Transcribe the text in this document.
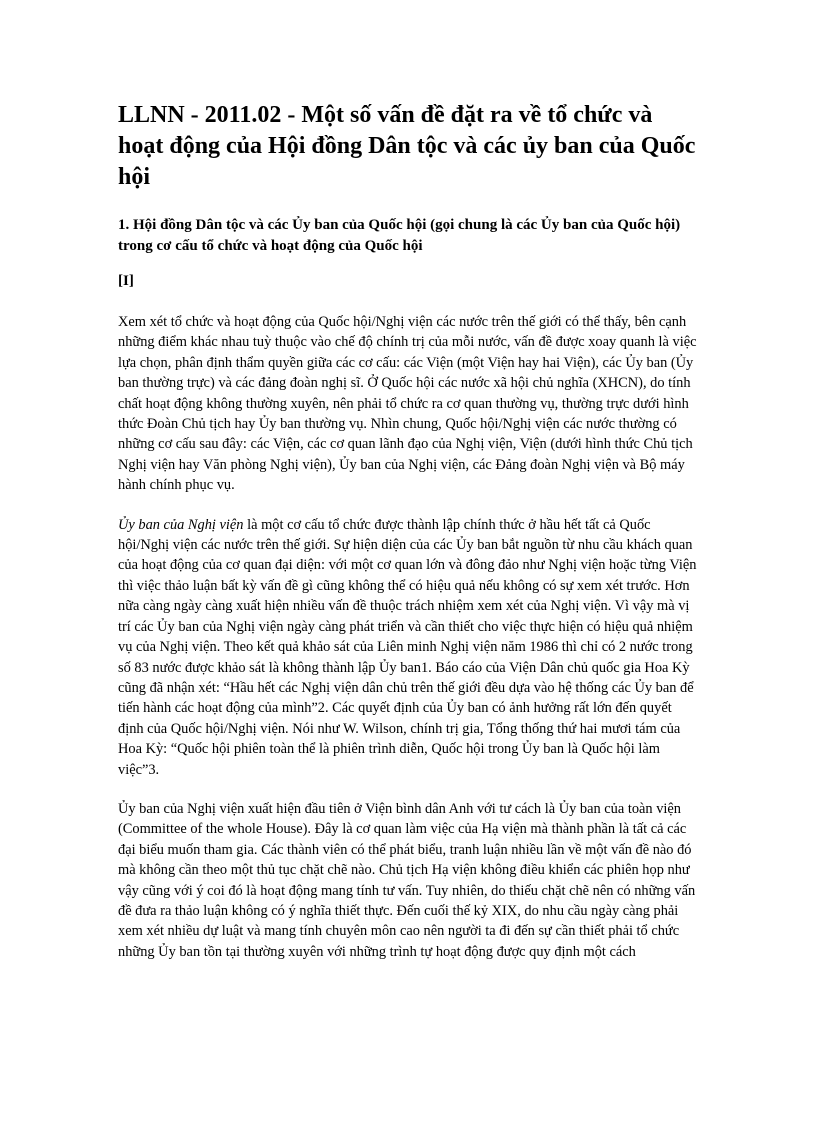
LLNN - 2011.02 - Một số vấn đề đặt ra về tổ chức và hoạt động của Hội đồng Dân tộc và các ủy ban của Quốc hội
1. Hội đồng Dân tộc và các Ủy ban của Quốc hội (gọi chung là các Ủy ban của Quốc hội) trong cơ cấu tổ chức và hoạt động của Quốc hội
[I]

Xem xét tổ chức và hoạt động của Quốc hội/Nghị viện các nước trên thế giới có thể thấy, bên cạnh những điểm khác nhau tuỳ thuộc vào chế độ chính trị của mỗi nước, vấn đề được xoay quanh là việc lựa chọn, phân định thẩm quyền giữa các cơ cấu: các Viện (một Viện hay hai Viện), các Ủy ban (Ủy ban thường trực) và các đảng đoàn nghị sĩ. Ở Quốc hội các nước xã hội chủ nghĩa (XHCN), do tính chất hoạt động không thường xuyên, nên phải tổ chức ra cơ quan thường vụ, thường trực dưới hình thức Đoàn Chủ tịch hay Ủy ban thường vụ. Nhìn chung, Quốc hội/Nghị viện các nước thường có những cơ cấu sau đây: các Viện, các cơ quan lãnh đạo của Nghị viện, Viện (dưới hình thức Chủ tịch Nghị viện hay Văn phòng Nghị viện), Ủy ban của Nghị viện, các Đảng đoàn Nghị viện và Bộ máy hành chính phục vụ.

Ủy ban của Nghị viện là một cơ cấu tổ chức được thành lập chính thức ở hầu hết tất cả Quốc hội/Nghị viện các nước trên thế giới. Sự hiện diện của các Ủy ban bắt nguồn từ nhu cầu khách quan của hoạt động của cơ quan đại diện: với một cơ quan lớn và đông đảo như Nghị viện hoặc từng Viện thì việc thảo luận bất kỳ vấn đề gì cũng không thể có hiệu quả nếu không có sự xem xét trước. Hơn nữa càng ngày càng xuất hiện nhiều vấn đề thuộc trách nhiệm xem xét của Nghị viện. Vì vậy mà vị trí các Ủy ban của Nghị viện ngày càng phát triển và cần thiết cho việc thực hiện có hiệu quả nhiệm vụ của Nghị viện. Theo kết quả khảo sát của Liên minh Nghị viện năm 1986 thì chỉ có 2 nước trong số 83 nước được khảo sát là không thành lập Ủy ban1. Báo cáo của Viện Dân chủ quốc gia Hoa Kỳ cũng đã nhận xét: “Hầu hết các Nghị viện dân chủ trên thế giới đều dựa vào hệ thống các Ủy ban để tiến hành các hoạt động của mình”2. Các quyết định của Ủy ban có ảnh hưởng rất lớn đến quyết định của Quốc hội/Nghị viện. Nói như W. Wilson, chính trị gia, Tổng thống thứ hai mươi tám của Hoa Kỳ: “Quốc hội phiên toàn thể là phiên trình diễn, Quốc hội trong Ủy ban là Quốc hội làm việc”3.

Ủy ban của Nghị viện xuất hiện đầu tiên ở Viện bình dân Anh với tư cách là Ủy ban của toàn viện (Committee of the whole House). Đây là cơ quan làm việc của Hạ viện mà thành phần là tất cả các đại biểu muốn tham gia. Các thành viên có thể phát biểu, tranh luận nhiều lần về một vấn đề nào đó mà không cần theo một thủ tục chặt chẽ nào. Chủ tịch Hạ viện không điều khiển các phiên họp như vậy cũng với ý coi đó là hoạt động mang tính tư vấn. Tuy nhiên, do thiếu chặt chẽ nên có những vấn đề đưa ra thảo luận không có ý nghĩa thiết thực. Đến cuối thế kỷ XIX, do nhu cầu ngày càng phải xem xét nhiều dự luật và mang tính chuyên môn cao nên người ta đi đến sự cần thiết phải tổ chức những Ủy ban tồn tại thường xuyên với những trình tự hoạt động được quy định một cách
